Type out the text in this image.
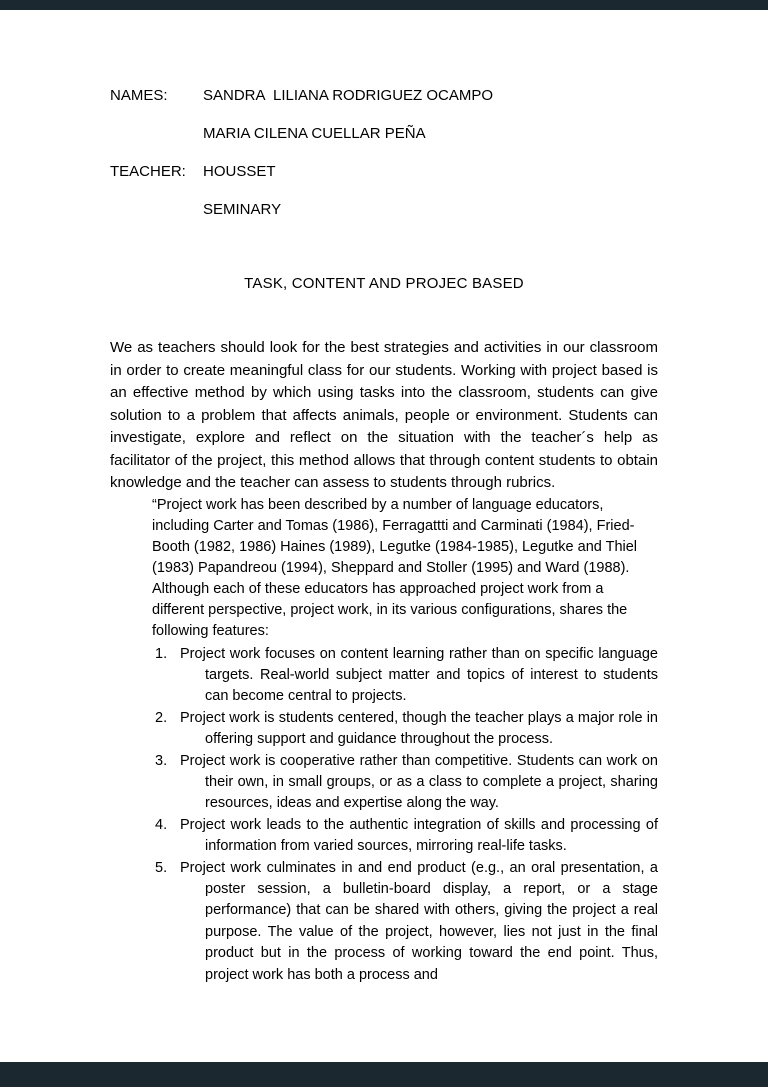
NAMES:	SANDRA  LILIANA RODRIGUEZ OCAMPO
MARIA CILENA CUELLAR PEÑA
TEACHER:	HOUSSET
SEMINARY
TASK, CONTENT AND PROJEC BASED

We as teachers should look for the best strategies and activities in our classroom in order to create meaningful class for our students. Working with project based is an effective method by which using tasks into the classroom, students can give solution to a problem that affects animals, people or environment. Students can investigate, explore and reflect on the situation with the teacher´s help as facilitator of the project, this method allows that through content students to obtain knowledge and the teacher can assess to students through rubrics.

“Project work has been described by a number of language educators, including Carter and Tomas (1986), Ferragattti and Carminati (1984), Fried-Booth (1982, 1986) Haines (1989), Legutke (1984-1985), Legutke and Thiel (1983) Papandreou (1994), Sheppard and Stoller (1995) and Ward (1988). Although each of these educators has approached project work from a different perspective, project work, in its various configurations, shares the following features:

1. Project work focuses on content learning rather than on specific language targets. Real-world subject matter and topics of interest to students can become central to projects.
2. Project work is students centered, though the teacher plays a major role in offering support and guidance throughout the process.
3. Project work is cooperative rather than competitive. Students can work on their own, in small groups, or as a class to complete a project, sharing resources, ideas and expertise along the way.
4. Project work leads to the authentic integration of skills and processing of information from varied sources, mirroring real-life tasks.
5. Project work culminates in and end product (e.g., an oral presentation, a poster session, a bulletin-board display, a report, or a stage performance) that can be shared with others, giving the project a real purpose. The value of the project, however, lies not just in the final product but in the process of working toward the end point. Thus, project work has both a process and
